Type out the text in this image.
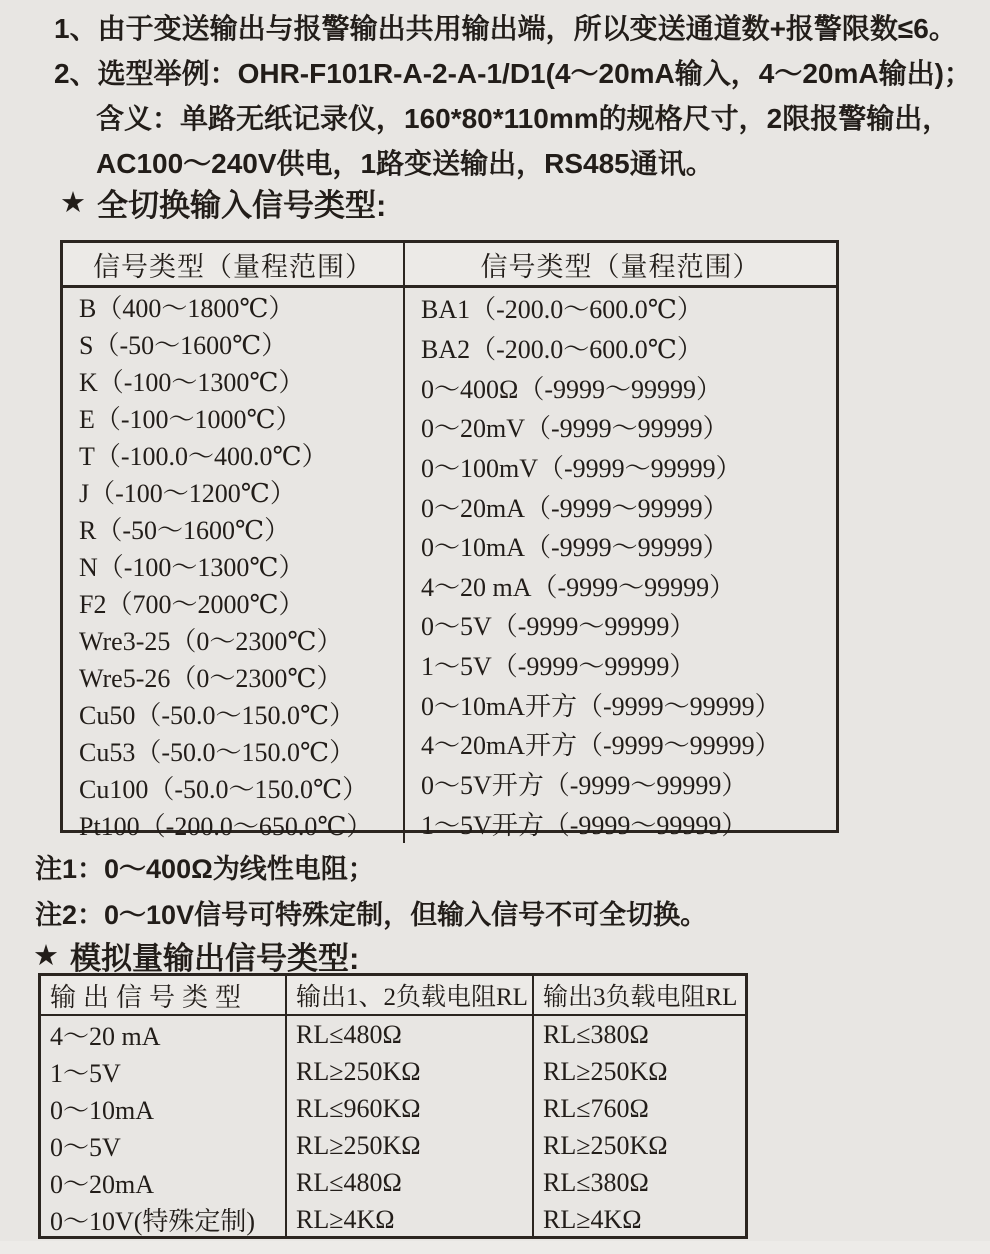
1、由于变送输出与报警输出共用输出端，所以变送通道数+报警限数≤6。
2、选型举例：OHR-F101R-A-2-A-1/D1(4～20mA输入，4～20mA输出)；
含义：单路无纸记录仪，160*80*110mm的规格尺寸，2限报警输出，
AC100～240V供电，1路变送输出，RS485通讯。
★ 全切换输入信号类型:
信号类型（量程范围）	信号类型（量程范围）
B（400～1800℃）
S（-50～1600℃）
K（-100～1300℃）
E（-100～1000℃）
T（-100.0～400.0℃）
J（-100～1200℃）
R（-50～1600℃）
N（-100～1300℃）
F2（700～2000℃）
Wre3-25（0～2300℃）
Wre5-26（0～2300℃）
Cu50（-50.0～150.0℃）
Cu53（-50.0～150.0℃）
Cu100（-50.0～150.0℃）
Pt100（-200.0～650.0℃）
BA1（-200.0～600.0℃）
BA2（-200.0～600.0℃）
0～400Ω（-9999～99999）
0～20mV（-9999～99999）
0～100mV（-9999～99999）
0～20mA（-9999～99999）
0～10mA（-9999～99999）
4～20 mA（-9999～99999）
0～5V（-9999～99999）
1～5V（-9999～99999）
0～10mA开方（-9999～99999）
4～20mA开方（-9999～99999）
0～5V开方（-9999～99999）
1～5V开方（-9999～99999）
注1：0～400Ω为线性电阻；
注2：0～10V信号可特殊定制，但输入信号不可全切换。
★ 模拟量输出信号类型:
输出信号类型	输出1、2负载电阻RL 输出3负载电阻RL
4～20 mA
1～5V
0～10mA
0～5V
0～20mA
0～10V(特殊定制)
RL≤480Ω
RL≥250KΩ
RL≤960KΩ
RL≥250KΩ
RL≤480Ω
RL≥4KΩ
RL≤380Ω
RL≥250KΩ
RL≤760Ω
RL≥250KΩ
RL≤380Ω
RL≥4KΩ
